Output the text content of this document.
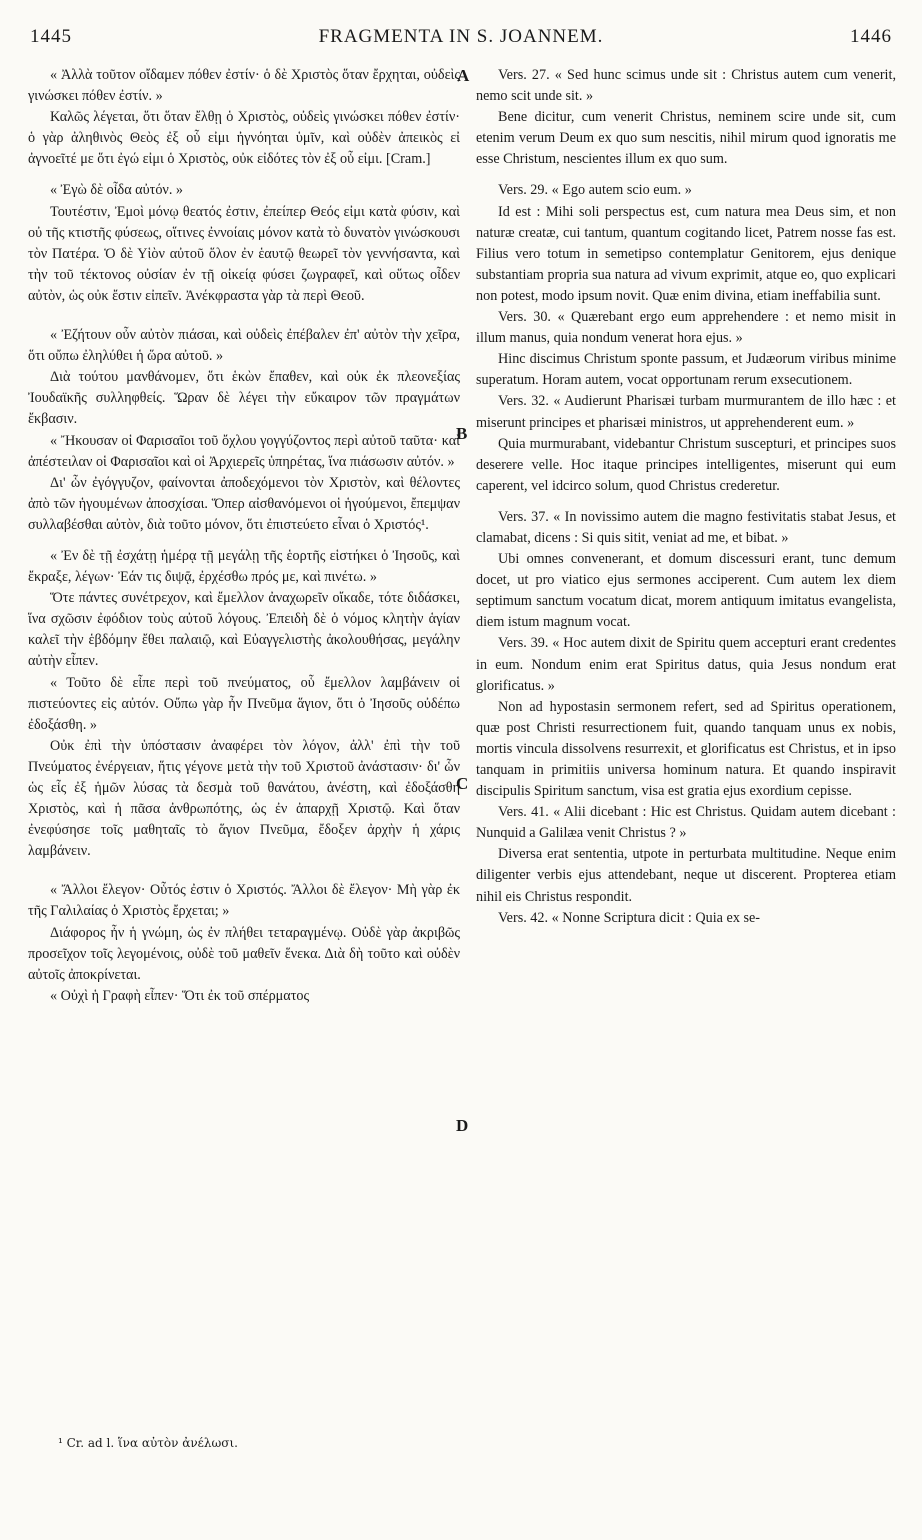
1445	FRAGMENTA IN S. JOANNEM.	1446

« Ἀλλὰ τοῦτον οἴδαμεν πόθεν ἐστίν· ὁ δὲ Χριστὸς ὅταν ἔρχηται, οὐδεὶς γινώσκει πόθεν ἐστίν. »

Καλῶς λέγεται, ὅτι ὅταν ἔλθῃ ὁ Χριστὸς, οὐδεὶς γινώσκει πόθεν ἐστίν· ὁ γὰρ ἀληθινὸς Θεὸς ἐξ οὗ εἰμι ἠγνόηται ὑμῖν, καὶ οὐδὲν ἀπεικὸς εἰ ἀγνοεῖτέ με ὅτι ἐγώ εἰμι ὁ Χριστὸς, οὐκ εἰδότες τὸν ἐξ οὗ εἰμι. [Cram.]

« Ἐγὼ δὲ οἶδα αὐτόν. »

Τουτέστιν, Ἐμοὶ μόνῳ θεατός ἐστιν, ἐπείπερ Θεός εἰμι κατὰ φύσιν, καὶ οὐ τῆς κτιστῆς φύσεως, οἵτινες ἐννοίαις μόνον κατὰ τὸ δυνατὸν γινώσκουσι τὸν Πατέρα. Ὁ δὲ Υἱὸν αὐτοῦ ὅλον ἐν ἑαυτῷ θεωρεῖ τὸν γεννήσαντα, καὶ τὴν τοῦ τέκτονος οὐσίαν ἐν τῇ οἰκείᾳ φύσει ζωγραφεῖ, καὶ οὕτως οἶδεν αὐτὸν, ὡς οὐκ ἔστιν εἰπεῖν. Ἀνέκφραστα γὰρ τὰ περὶ Θεοῦ.

« Ἐζήτουν οὖν αὐτὸν πιάσαι, καὶ οὐδεὶς ἐπέβαλεν ἐπ' αὐτὸν τὴν χεῖρα, ὅτι οὔπω ἐληλύθει ἡ ὥρα αὐτοῦ. »

Διὰ τούτου μανθάνομεν, ὅτι ἑκὼν ἔπαθεν, καὶ οὐκ ἐκ πλεονεξίας Ἰουδαϊκῆς συλληφθείς. Ὥραν δὲ λέγει τὴν εὔκαιρον τῶν πραγμάτων ἔκβασιν.

« Ἤκουσαν οἱ Φαρισαῖοι τοῦ ὄχλου γογγύζοντος περὶ αὐτοῦ ταῦτα· καὶ ἀπέστειλαν οἱ Φαρισαῖοι καὶ οἱ Ἀρχιερεῖς ὑπηρέτας, ἵνα πιάσωσιν αὐτόν. »

Δι' ὧν ἐγόγγυζον, φαίνονται ἀποδεχόμενοι τὸν Χριστὸν, καὶ θέλοντες ἀπὸ τῶν ἡγουμένων ἀποσχίσαι. Ὅπερ αἰσθανόμενοι οἱ ἡγούμενοι, ἔπεμψαν συλλαβέσθαι αὐτὸν, διὰ τοῦτο μόνον, ὅτι ἐπιστεύετο εἶναι ὁ Χριστός¹.

« Ἐν δὲ τῇ ἐσχάτῃ ἡμέρᾳ τῇ μεγάλῃ τῆς ἑορτῆς εἱστήκει ὁ Ἰησοῦς, καὶ ἔκραξε, λέγων· Ἐάν τις διψᾷ, ἐρχέσθω πρός με, καὶ πινέτω. »

Ὅτε πάντες συνέτρεχον, καὶ ἔμελλον ἀναχωρεῖν οἴκαδε, τότε διδάσκει, ἵνα σχῶσιν ἐφόδιον τοὺς αὐτοῦ λόγους. Ἐπειδὴ δὲ ὁ νόμος κλητὴν ἁγίαν καλεῖ τὴν ἑβδόμην ἔθει παλαιῷ, καὶ Εὐαγγελιστὴς ἀκολουθήσας, μεγάλην αὐτὴν εἶπεν.

« Τοῦτο δὲ εἶπε περὶ τοῦ πνεύματος, οὗ ἔμελλον λαμβάνειν οἱ πιστεύοντες εἰς αὐτόν. Οὔπω γὰρ ἦν Πνεῦμα ἅγιον, ὅτι ὁ Ἰησοῦς οὐδέπω ἐδοξάσθη. »

Οὐκ ἐπὶ τὴν ὑπόστασιν ἀναφέρει τὸν λόγον, ἀλλ' ἐπὶ τὴν τοῦ Πνεύματος ἐνέργειαν, ἥτις γέγονε μετὰ τὴν τοῦ Χριστοῦ ἀνάστασιν· δι' ὧν ὡς εἷς ἐξ ἡμῶν λύσας τὰ δεσμὰ τοῦ θανάτου, ἀνέστη, καὶ ἐδοξάσθη Χριστὸς, καὶ ἡ πᾶσα ἀνθρωπότης, ὡς ἐν ἀπαρχῇ Χριστῷ. Καὶ ὅταν ἐνεφύσησε τοῖς μαθηταῖς τὸ ἅγιον Πνεῦμα, ἔδοξεν ἀρχὴν ἡ χάρις λαμβάνειν.

« Ἄλλοι ἔλεγον· Οὗτός ἐστιν ὁ Χριστός. Ἄλλοι δὲ ἔλεγον· Μὴ γὰρ ἐκ τῆς Γαλιλαίας ὁ Χριστὸς ἔρχεται; »

Διάφορος ἦν ἡ γνώμη, ὡς ἐν πλήθει τεταραγμένῳ. Οὐδὲ γὰρ ἀκριβῶς προσεῖχον τοῖς λεγομένοις, οὐδὲ τοῦ μαθεῖν ἕνεκα. Διὰ δὴ τοῦτο καὶ οὐδὲν αὐτοῖς ἀποκρίνεται.

« Οὐχὶ ἡ Γραφὴ εἶπεν· Ὅτι ἐκ τοῦ σπέρματος

Vers. 27. « Sed hunc scimus unde sit : Christus autem cum venerit, nemo scit unde sit. »

Bene dicitur, cum venerit Christus, neminem scire unde sit, cum etenim verum Deum ex quo sum nescitis, nihil mirum quod ignoratis me esse Christum, nescientes illum ex quo sum.

Vers. 29. « Ego autem scio eum. »

Id est : Mihi soli perspectus est, cum natura mea Deus sim, et non naturæ creatæ, cui tantum, quantum cogitando licet, Patrem nosse fas est. Filius vero totum in semetipso contemplatur Genitorem, ejus denique substantiam propria sua natura ad vivum exprimit, atque eo, quo explicari non potest, modo ipsum novit. Quæ enim divina, etiam ineffabilia sunt.

Vers. 30. « Quærebant ergo eum apprehendere : et nemo misit in illum manus, quia nondum venerat hora ejus. »

Hinc discimus Christum sponte passum, et Judæorum viribus minime superatum. Horam autem, vocat opportunam rerum exsecutionem.

Vers. 32. « Audierunt Pharisæi turbam murmurantem de illo hæc : et miserunt principes et pharisæi ministros, ut apprehenderent eum. »

Quia murmurabant, videbantur Christum suscepturi, et principes suos deserere velle. Hoc itaque principes intelligentes, miserunt qui eum caperent, vel idcirco solum, quod Christus crederetur.

Vers. 37. « In novissimo autem die magno festivitatis stabat Jesus, et clamabat, dicens : Si quis sitit, veniat ad me, et bibat. »

Ubi omnes convenerant, et domum discessuri erant, tunc demum docet, ut pro viatico ejus sermones acciperent. Cum autem lex diem septimum sanctum vocatum dicat, morem antiquum imitatus evangelista, diem istum magnum vocat.

Vers. 39. « Hoc autem dixit de Spiritu quem accepturi erant credentes in eum. Nondum enim erat Spiritus datus, quia Jesus nondum erat glorificatus. »

Non ad hypostasin sermonem refert, sed ad Spiritus operationem, quæ post Christi resurrectionem fuit, quando tanquam unus ex nobis, mortis vincula dissolvens resurrexit, et glorificatus est Christus, et in ipso tanquam in primitiis universa hominum natura. Et quando inspiravit discipulis Spiritum sanctum, visa est gratia ejus exordium cepisse.

Vers. 41. « Alii dicebant : Hic est Christus. Quidam autem dicebant : Nunquid a Galilæa venit Christus ? »

Diversa erat sententia, utpote in perturbata multitudine. Neque enim diligenter verbis ejus attendebant, neque ut discerent. Propterea etiam nihil eis Christus respondit.

Vers. 42. « Nonne Scriptura dicit : Quia ex se-

A
B
C
D
¹ Cr. ad l. ἵνα αὐτὸν ἀνέλωσι.
